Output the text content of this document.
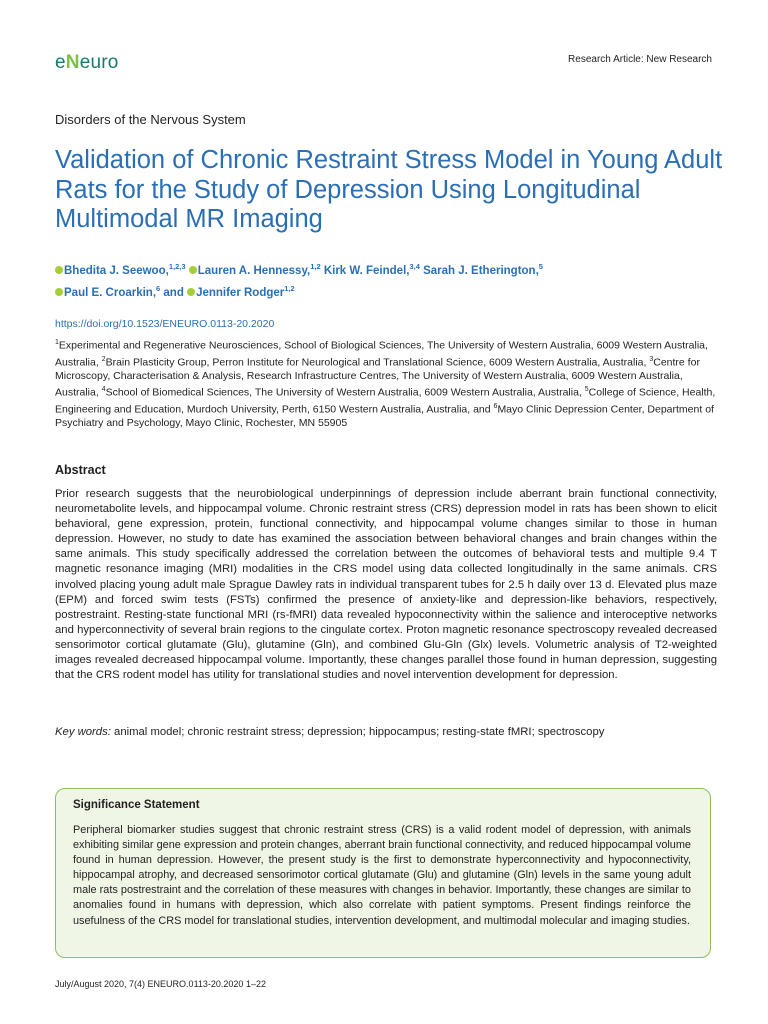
eNeuro	Research Article: New Research
Disorders of the Nervous System
Validation of Chronic Restraint Stress Model in Young Adult Rats for the Study of Depression Using Longitudinal Multimodal MR Imaging

Bhedita J. Seewoo,$^{1,2,3}$ Lauren A. Hennessy,$^{1,2}$ Kirk W. Feindel,$^{3,4}$ Sarah J. Etherington,$^5$
Paul E. Croarkin,$^6$ and Jennifer Rodger$^{1,2}$

https://doi.org/10.1523/ENEURO.0113-20.2020

$^1$Experimental and Regenerative Neurosciences, School of Biological Sciences, The University of Western Australia, 6009 Western Australia, Australia, $^2$Brain Plasticity Group, Perron Institute for Neurological and Translational Science, 6009 Western Australia, Australia, $^3$Centre for Microscopy, Characterisation & Analysis, Research Infrastructure Centres, The University of Western Australia, 6009 Western Australia, Australia, $^4$School of Biomedical Sciences, The University of Western Australia, 6009 Western Australia, Australia, $^5$College of Science, Health, Engineering and Education, Murdoch University, Perth, 6150 Western Australia, Australia, and $^6$Mayo Clinic Depression Center, Department of Psychiatry and Psychology, Mayo Clinic, Rochester, MN 55905

Abstract

Prior research suggests that the neurobiological underpinnings of depression include aberrant brain functional connectivity, neurometabolite levels, and hippocampal volume. Chronic restraint stress (CRS) depression model in rats has been shown to elicit behavioral, gene expression, protein, functional connectivity, and hippocampal volume changes similar to those in human depression. However, no study to date has examined the association between behavioral changes and brain changes within the same animals. This study specifically addressed the correlation between the outcomes of behavioral tests and multiple 9.4 T magnetic resonance imaging (MRI) modalities in the CRS model using data collected longitudinally in the same animals. CRS involved placing young adult male Sprague Dawley rats in individual transparent tubes for 2.5 h daily over 13 d. Elevated plus maze (EPM) and forced swim tests (FSTs) confirmed the presence of anxiety-like and depression-like behaviors, respectively, postrestraint. Resting-state functional MRI (rs-fMRI) data revealed hypoconnectivity within the salience and interoceptive networks and hyperconnectivity of several brain regions to the cingulate cortex. Proton magnetic resonance spectroscopy revealed decreased sensorimotor cortical glutamate (Glu), glutamine (Gln), and combined Glu-Gln (Glx) levels. Volumetric analysis of T2-weighted images revealed decreased hippocampal volume. Importantly, these changes parallel those found in human depression, suggesting that the CRS rodent model has utility for translational studies and novel intervention development for depression.

Key words: animal model; chronic restraint stress; depression; hippocampus; resting-state fMRI; spectroscopy
Significance Statement

Peripheral biomarker studies suggest that chronic restraint stress (CRS) is a valid rodent model of depression, with animals exhibiting similar gene expression and protein changes, aberrant brain functional connectivity, and reduced hippocampal volume found in human depression. However, the present study is the first to demonstrate hyperconnectivity and hypoconnectivity, hippocampal atrophy, and decreased sensorimotor cortical glutamate (Glu) and glutamine (Gln) levels in the same young adult male rats postrestraint and the correlation of these measures with changes in behavior. Importantly, these changes are similar to anomalies found in humans with depression, which also correlate with patient symptoms. Present findings reinforce the usefulness of the CRS model for translational studies, intervention development, and multimodal molecular and imaging studies.

July/August 2020, 7(4) ENEURO.0113-20.2020 1–22
